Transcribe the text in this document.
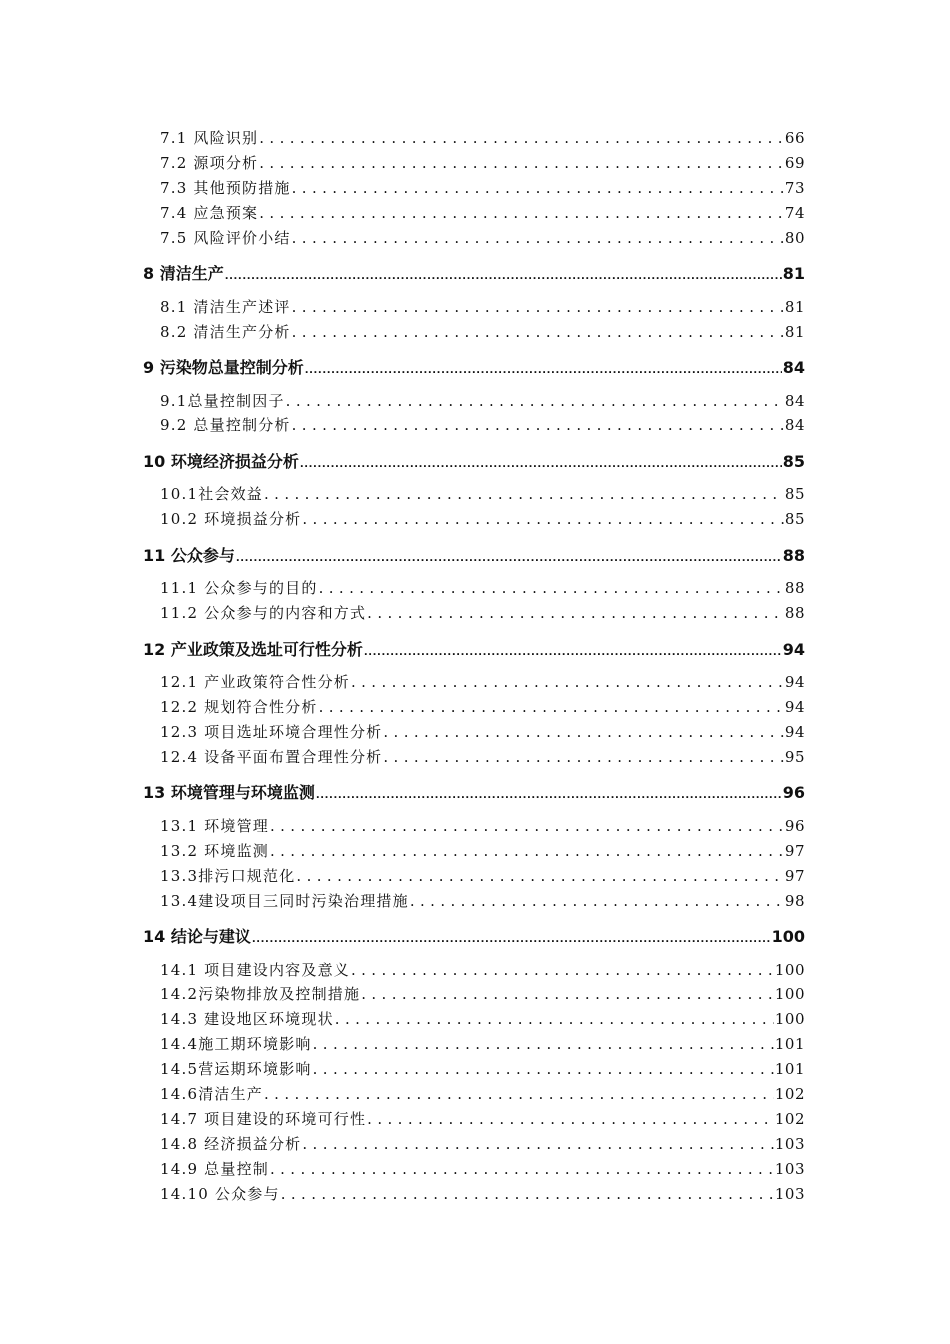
7.1 风险识别 .....	66
7.2 源项分析 .....	69
7.3 其他预防措施 .....	73
7.4 应急预案 .....	74
7.5 风险评价小结 .....	80
8 清洁生产 .....	81
8.1 清洁生产述评 .....	81
8.2 清洁生产分析 .....	81
9 污染物总量控制分析 .....	84
9.1总量控制因子 .....	84
9.2 总量控制分析 .....	84
10 环境经济损益分析 .....	85
10.1社会效益 .....	85
10.2 环境损益分析 .....	85
11 公众参与 .....	88
11.1 公众参与的目的 .....	88
11.2 公众参与的内容和方式 .....	88
12 产业政策及选址可行性分析 .....	94
12.1 产业政策符合性分析 .....	94
12.2 规划符合性分析 .....	94
12.3 项目选址环境合理性分析 .....	94
12.4 设备平面布置合理性分析 .....	95
13 环境管理与环境监测 .....	96
13.1 环境管理 .....	96
13.2 环境监测 .....	97
13.3排污口规范化 .....	97
13.4建设项目三同时污染治理措施 .....	98
14 结论与建议 .....	100
14.1 项目建设内容及意义 .....	100
14.2污染物排放及控制措施 .....	100
14.3 建设地区环境现状 .....	100
14.4施工期环境影响 .....	101
14.5营运期环境影响 .....	101
14.6清洁生产 .....	102
14.7 项目建设的环境可行性 .....	102
14.8 经济损益分析 .....	103
14.9 总量控制 .....	103
14.10 公众参与 .....	103
